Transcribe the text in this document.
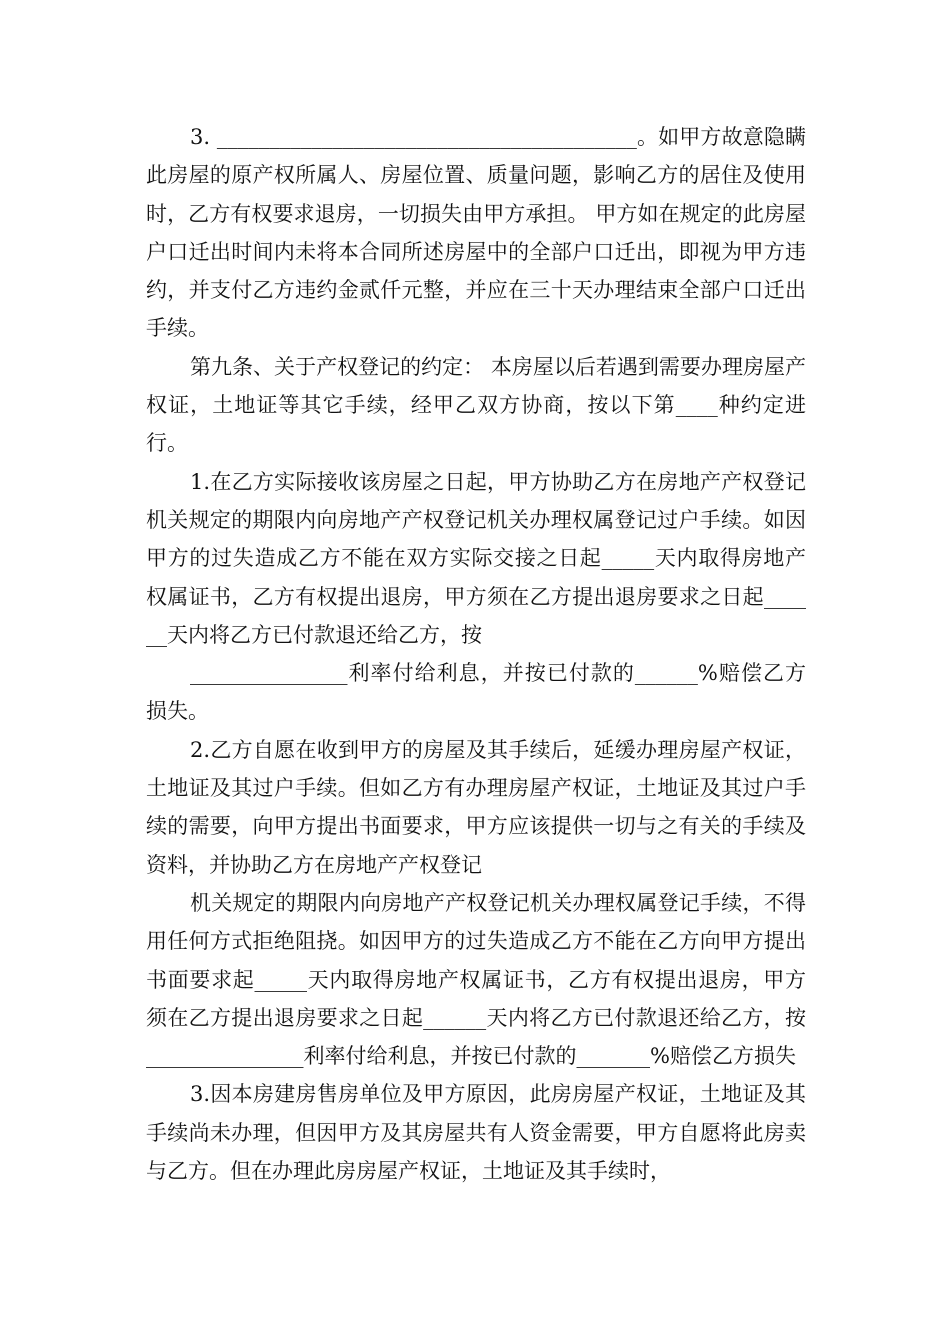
3. ________________________________________。如甲方故意隐瞒此房屋的原产权所属人、房屋位置、质量问题，影响乙方的居住及使用时，乙方有权要求退房，一切损失由甲方承担。 甲方如在规定的此房屋户口迁出时间内未将本合同所述房屋中的全部户口迁出，即视为甲方违约，并支付乙方违约金贰仟元整，并应在三十天办理结束全部户口迁出手续。

第九条、关于产权登记的约定： 本房屋以后若遇到需要办理房屋产权证，土地证等其它手续，经甲乙双方协商，按以下第____种约定进行。

1.在乙方实际接收该房屋之日起，甲方协助乙方在房地产产权登记机关规定的期限内向房地产产权登记机关办理权属登记过户手续。如因甲方的过失造成乙方不能在双方实际交接之日起_____天内取得房地产权属证书，乙方有权提出退房，甲方须在乙方提出退房要求之日起______天内将乙方已付款退还给乙方，按

_______________利率付给利息，并按已付款的______%赔偿乙方损失。

2.乙方自愿在收到甲方的房屋及其手续后，延缓办理房屋产权证，土地证及其过户手续。但如乙方有办理房屋产权证，土地证及其过户手续的需要，向甲方提出书面要求，甲方应该提供一切与之有关的手续及资料，并协助乙方在房地产产权登记

机关规定的期限内向房地产产权登记机关办理权属登记手续，不得用任何方式拒绝阻挠。如因甲方的过失造成乙方不能在乙方向甲方提出书面要求起_____天内取得房地产权属证书，乙方有权提出退房，甲方须在乙方提出退房要求之日起______天内将乙方已付款退还给乙方，按_______________利率付给利息，并按已付款的_______%赔偿乙方损失

3.因本房建房售房单位及甲方原因，此房房屋产权证，土地证及其手续尚未办理，但因甲方及其房屋共有人资金需要，甲方自愿将此房卖与乙方。但在办理此房房屋产权证，土地证及其手续时，
